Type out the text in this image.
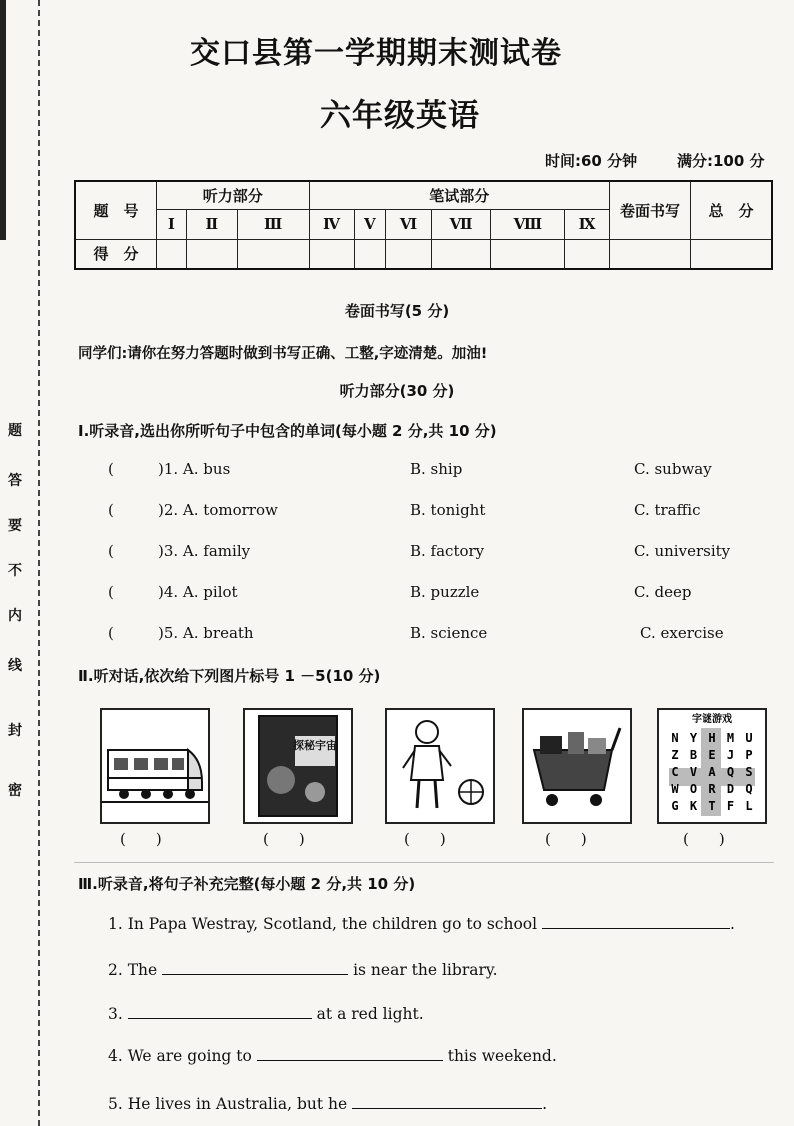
题
答
要
不
内
线
封
密
交口县第一学期期末测试卷
六年级英语
时间:60 分钟	满分:100 分
题　号	听力部分			笔试部分						卷面书写	总　分
	Ⅰ	Ⅱ	Ⅲ	Ⅳ	Ⅴ	Ⅵ	Ⅶ	Ⅷ	Ⅸ		
得　分											
卷面书写(5 分)
同学们:请你在努力答题时做到书写正确、工整,字迹清楚。加油!
听力部分(30 分)
Ⅰ.听录音,选出你所听句子中包含的单词(每小题 2 分,共 10 分)
(	)1. A. bus	B. ship	C. subway
(	)2. A. tomorrow	B. tonight	C. traffic
(	)3. A. family	B. factory	C. university
(	)4. A. pilot	B. puzzle	C. deep
(	)5. A. breath	B. science	C. exercise
Ⅱ.听对话,依次给下列图片标号 1 －5(10 分)
探秘宇宙
字谜游戏
N Y H M U
Z B E J P
C V A Q S
W O R D Q
G K T F L
(　　)	(　　)	(　　)	(　　)	(　　)
Ⅲ.听录音,将句子补充完整(每小题 2 分,共 10 分)
1. In Papa Westray, Scotland, the children go to school	.
2. The	is near the library.
3.	at a red light.
4. We are going to	this weekend.
5. He lives in Australia, but he	.
